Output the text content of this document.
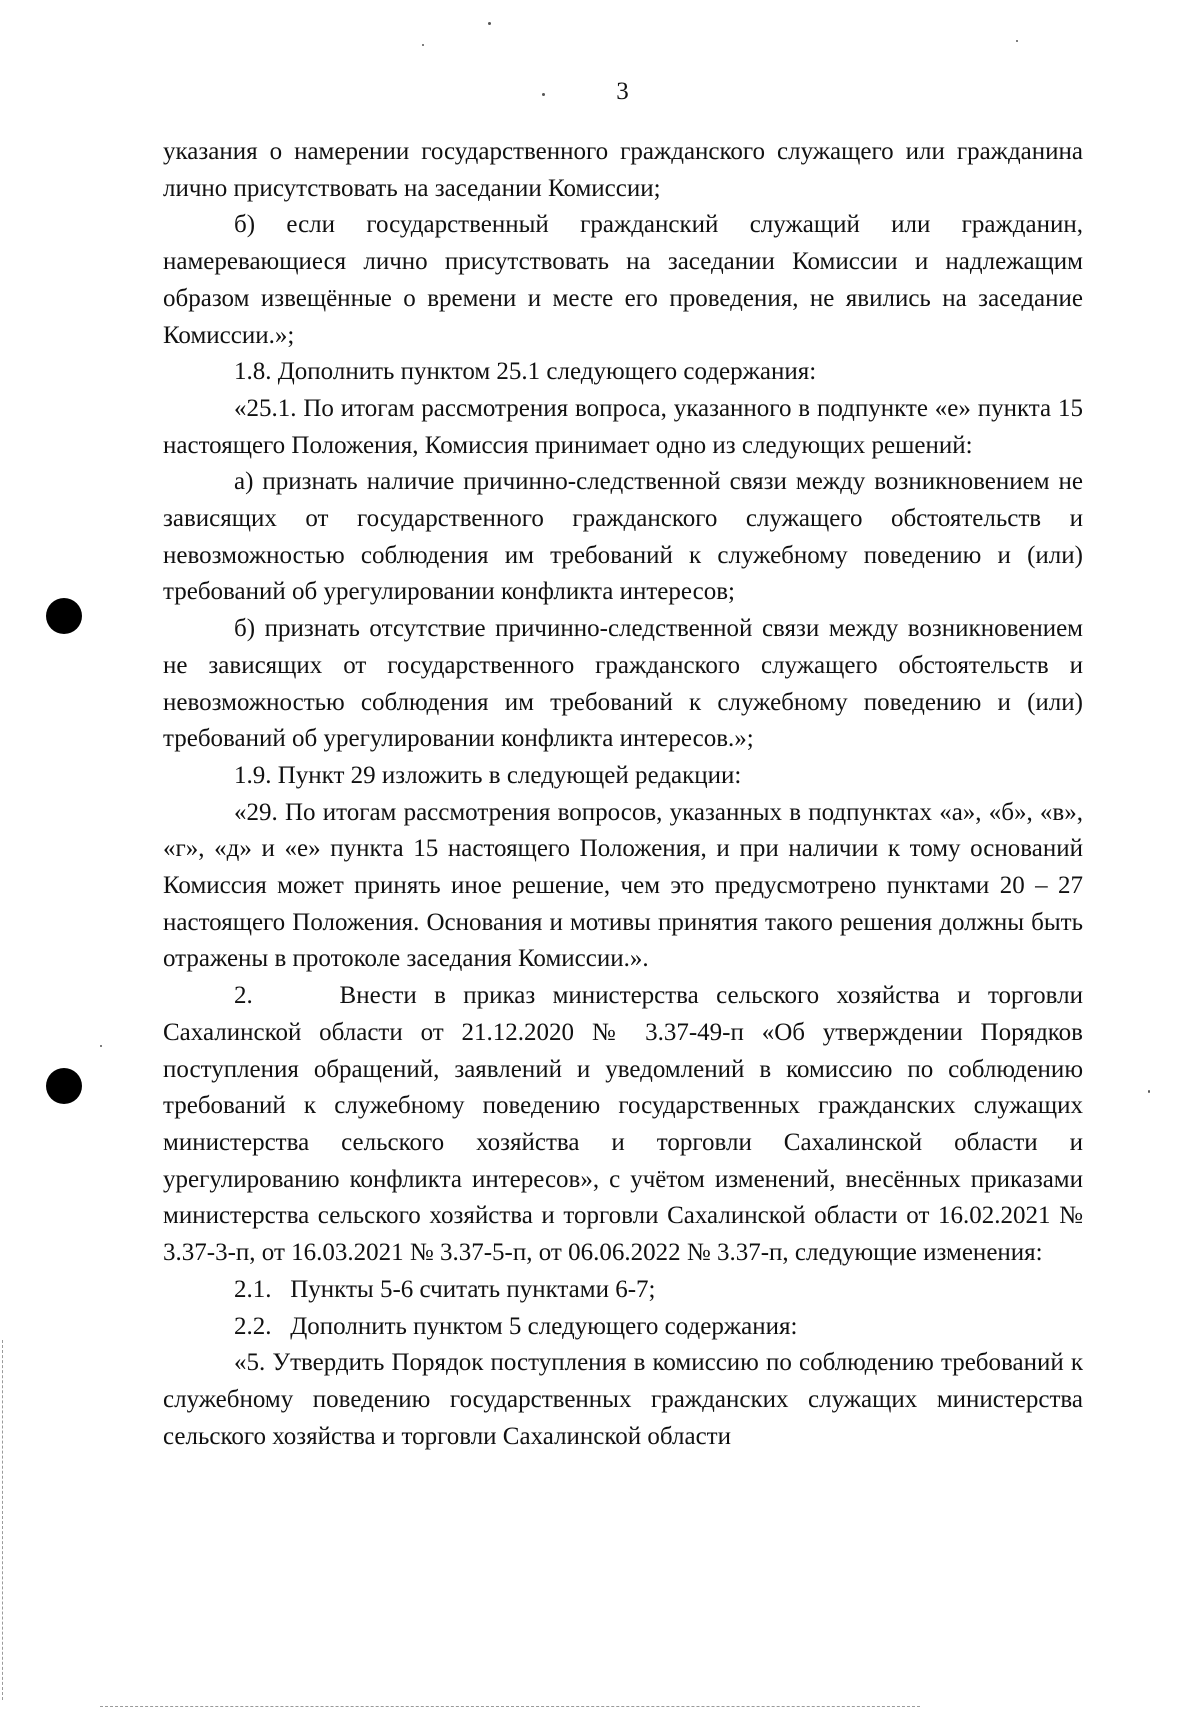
3

указания о намерении государственного гражданского служащего или гражданина лично присутствовать на заседании Комиссии;

б) если государственный гражданский служащий или гражданин, намеревающиеся лично присутствовать на заседании Комиссии и надлежащим образом извещённые о времени и месте его проведения, не явились на заседание Комиссии.»;

1.8. Дополнить пунктом 25.1 следующего содержания:

«25.1. По итогам рассмотрения вопроса, указанного в подпункте «е» пункта 15 настоящего Положения, Комиссия принимает одно из следующих решений:

а) признать наличие причинно-следственной связи между возникновением не зависящих от государственного гражданского служащего обстоятельств и невозможностью соблюдения им требований к служебному поведению и (или) требований об урегулировании конфликта интересов;

б) признать отсутствие причинно-следственной связи между возникновением не зависящих от государственного гражданского служащего обстоятельств и невозможностью соблюдения им требований к служебному поведению и (или) требований об урегулировании конфликта интересов.»;

1.9. Пункт 29 изложить в следующей редакции:

«29. По итогам рассмотрения вопросов, указанных в подпунктах «а», «б», «в», «г», «д» и «е» пункта 15 настоящего Положения, и при наличии к тому оснований Комиссия может принять иное решение, чем это предусмотрено пунктами 20 – 27 настоящего Положения. Основания и мотивы принятия такого решения должны быть отражены в протоколе заседания Комиссии.».

2.     Внести в приказ министерства сельского хозяйства и торговли Сахалинской области от 21.12.2020 № 3.37-49-п «Об утверждении Порядков поступления обращений, заявлений и уведомлений в комиссию по соблюдению требований к служебному поведению государственных гражданских служащих министерства сельского хозяйства и торговли Сахалинской области и урегулированию конфликта интересов», с учётом изменений, внесённых приказами министерства сельского хозяйства и торговли Сахалинской области от 16.02.2021 № 3.37-3-п, от 16.03.2021 № 3.37-5-п, от 06.06.2022 № 3.37-п, следующие изменения:

2.1.   Пункты 5-6 считать пунктами 6-7;

2.2.   Дополнить пунктом 5 следующего содержания:

«5. Утвердить Порядок поступления в комиссию по соблюдению требований к служебному поведению государственных гражданских служащих министерства сельского хозяйства и торговли Сахалинской области
